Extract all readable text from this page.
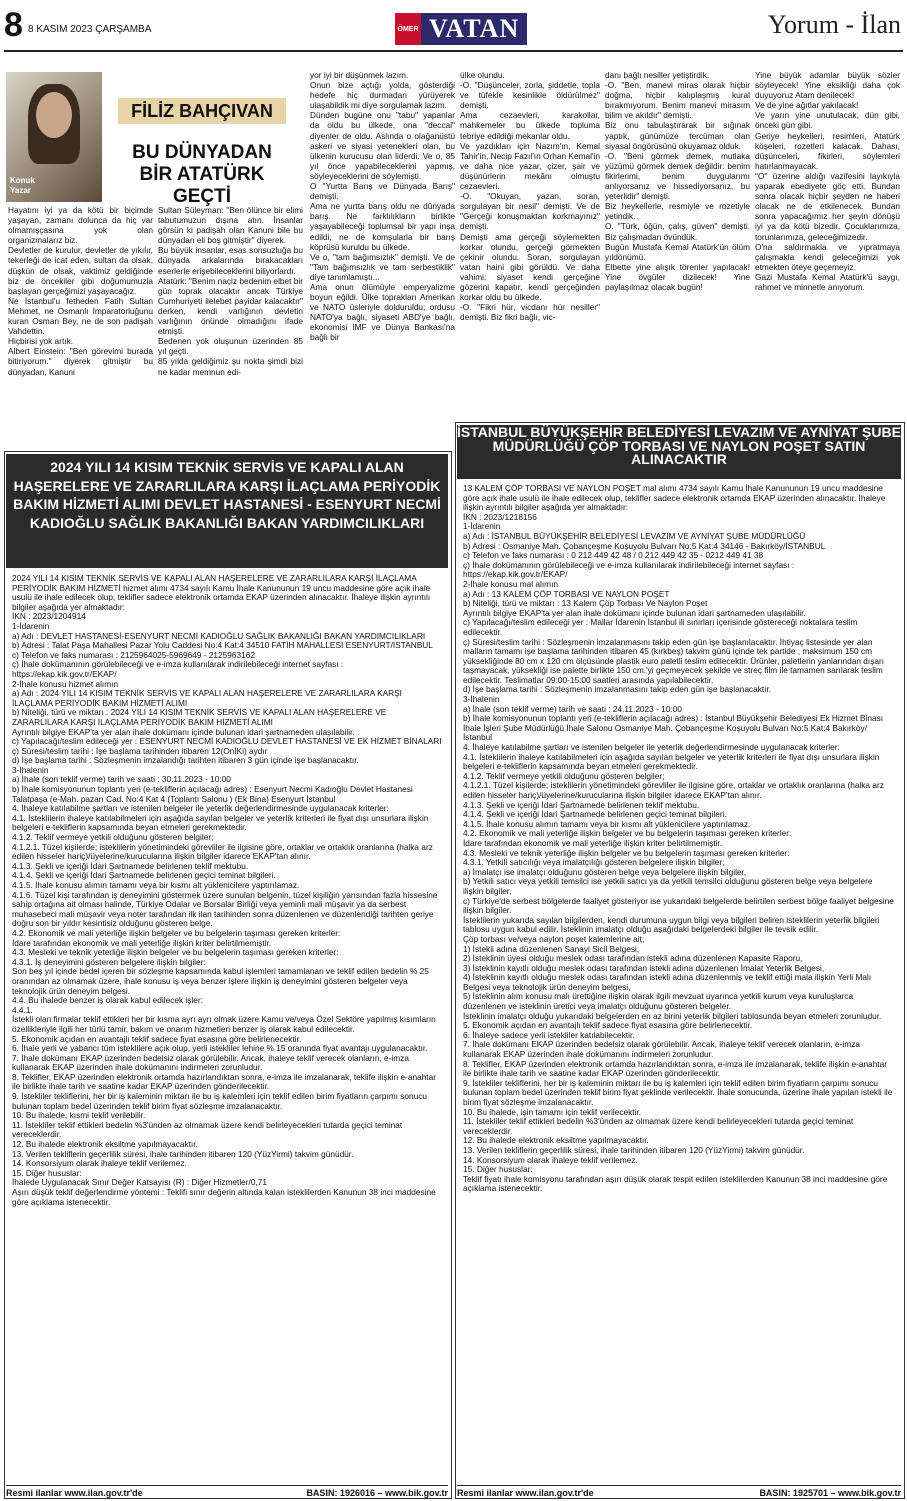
8 8 KASIM 2023 ÇARŞAMBA	ÖMER VATAN	Yorum - İlan
Konuk
Yazar
FİLİZ BAHÇIVAN
BU DÜNYADAN BİR ATATÜRK GEÇTİ
Hayatını iyi ya da kötü bir biçimde yaşayan, zamanı dolunca da hiç var olmamışçasına yok olan organizmalarız biz.
Devletler de kurulur, devletler de yıkılır, tekerleği de icat eden, sultan da olsak, düşkün de olsak, vaktimiz geldiğinde biz de öncekiler gibi doğumumuzla başlayan gerçeğimizi yaşayacağız.
Ne İstanbul'u fetheden Fatih Sultan Mehmet, ne Osmanlı İmparatorluğunu kuran Osman Bey, ne de son padişah Vahdettin.
Hiçbirisi yok artık.
Albert Einstein: "Ben görevimi burada bitiriyorum." diyerek gitmiştir bu dünyadan, Kanuni
Sultan Süleyman: "Ben ölünce bir elimi tabutumuzun dışına atın. İnsanlar görsün ki padişah olan Kanuni bile bu dünyadan eli boş gitmiştir" diyerek.
Bu büyük insanlar, esas sonsuzluğa bu dünyada arkalarında bırakacakları eserlerle erişebileceklerini biliyorlardı.
Atatürk: "Benim naçiz bedenim elbet bir gün toprak olacaktır ancak Türkiye Cumhuriyeti ilelebet payidar kalacaktır" derken, kendi varlığının devletin varlığının önünde olmadığını ifade etmişti.
Bedenen yok oluşunun üzerinden 85 yıl geçti.
85 yılda geldiğimiz şu nokta şimdi bizi ne kadar memnun edi-
yor iyi bir düşünmek lazım.
Onun bize açtığı yolda, gösterdiği hedefe hiç durmadan yürüyerek ulaşabildik mi diye sorgulamak lazım.
Dünden bugüne onu "tabu" yapanlar da oldu bu ülkede, ona "deccal" diyenler de oldu. Aslında o olağanüstü askeri ve siyasi yetenekleri olan, bu ülkenin kurucusu olan liderdi. Ve o, 85 yıl önce yapabileceklerini yapmış, söyleyeceklerini de söylemişti.
O "Yurtta Barış ve Dünyada Barış" demişti.
Ama ne yurtta barış oldu ne dünyada barış. Ne farklılıkların birlikte yaşayabileceği toplumsal bir yapı inşa edildi, ne de komşularla bir barış köprüsü kuruldu bu ülkede.
Ve o, "tam bağımsızlık" demişti. Ve de "Tam bağımsızlık ve tam serbestiklik" diye tanımlamıştı...
Ama onun ölümüyle emperyalizme boyun eğildi. Ülke toprakları Amerikan ve NATO üsleriyle dolduruldu; ordusu NATO'ya bağlı, siyaseti ABD'ye bağlı, ekonomisi IMF ve Dünya Bankası'na bağlı bir
ülke olundu.
-O. "Düşünceler, zorla, şiddetle, topla ve tüfekle kesinlikle öldürülmez" demişti.
Ama cezaevleri, karakollar, mahkemeler bu ülkede topluma tebriye edildiği mekanlar oldu.
Ve yazdıkları için Nazım'ın, Kemal Tahir'in, Necip Fazıl'ın Orhan Kemal'in ve daha nice yazar, çizer, şair ve düşünürlerin mekânı olmuştu cezaevleri.
-O. "Okuyan, yazan, soran, sorgulayan bir nesil" demişti. Ve de "Gerçeği konuşmaktan korkmayınız" demişti.
Demişti ama gerçeği söylemekten korkar olundu, gerçeği görmekten çekinir olundu. Soran, sorgulayan vatan haini gibi görüldü. Ve daha vahimi: siyaset kendi gerçeğine gözerini kapatır, kendi gerçeğinden korkar oldu bu ülkede.
-O. "Fikri hür, vicdanı hür nesiller" demişti. Biz fikri bağlı, vic-
danı bağlı nesiller yetiştirdik.
-O. "Ben, manevi miras olarak hiçbir doğma, hiçbir kalıplaşmış kural bırakmıyorum. Benim manevi mirasım bilim ve akıldır" demişti.
Biz onu tabulaştırarak bir sığınak yaptık, günümüze tercüman olan siyasal öngörüsünü okuyamaz olduk.
-O. "Beni görmek demek, mutlaka yüzümü görmek demek değildir: benim fikirlerimi, benim duygularımı anlıyorsanız ve hissediyorsanız, bu yeterlidir" demişti.
Biz heykellerle, resmiyle ve rozetiyle yetindik.
O. "Türk, öğün, çalış, güven" demişti. Biz çalışmadan övündük.
Bugün Mustafa Kemal Atatürk'ün ölüm yıldönümü.
Elbette yine alışık törenler yapılacak! Yine övgüler dizilecek! Yine paylaşılmaz olacak bugün!
Yine büyük adamlar büyük sözler söyleyecek! Yine eksikliği daha çok duyuyoruz Atam denilecek!
Ve de yine ağıtlar yakılacak!
Ve yarın yine unutulacak, dün gibi, önceki gün gibi.
Geriye heykelleri, resimleri, Atatürk köşeleri, rozetleri kalacak. Dahası, düşünceleri, fikirleri, söylemleri hatırlanmayacak.
"O" üzerine aldığı vazifesini layıkıyla yaparak ebediyete göç etti. Bundan sonra olacak hiçbir şeyden ne haberi olacak ne de etkilenecek. Bundan sonra yapacağımız her şeyin dönüşü iyi ya da kötü bizedir. Çocuklarımıza, torunlarımıza, geleceğimizedir.
O'na saldırmakla ve yıpratmaya çalışmakla kendi geleceğimizi yok etmekten öteye geçemeyiz.
Gazi Mustafa Kemal Atatürk'ü saygı, rahmet ve minnetle anıyorum.
2024 YILI 14 KISIM TEKNİK SERVİS VE KAPALI ALAN HAŞERELERE VE ZARARLILARA KARŞI İLAÇLAMA PERİYODİK BAKIM HİZMETİ ALIMI DEVLET HASTANESİ - ESENYURT NECMİ KADIOĞLU SAĞLIK BAKANLIĞI BAKAN YARDIMCILIKLARI
2024 YILI 14 KISIM TEKNİK SERVİS VE KAPALI ALAN HAŞERELERE VE ZARARLILARA KARŞI İLAÇLAMA PERİYODİK BAKIM HİZMETİ hizmet alımı 4734 sayılı Kamu İhale Kanununun 19 uncu maddesine göre açık ihale usulü ile ihale edilecek olup, teklifler sadece elektronik ortamda EKAP üzerinden alınacaktır. İhaleye ilişkin ayrıntılı bilgiler aşağıda yer almaktadır:
İKN : 2023/1204914
1-İdarenin
a) Adı : DEVLET HASTANESİ-ESENYURT NECMİ KADIOĞLU SAĞLIK BAKANLIĞI BAKAN YARDIMCILIKLARI
b) Adresi : Talat Paşa Mahallesi Pazar Yolu Caddesi No:4 Kat:4 34510 FATİH MAHALLESİ ESENYURT/İSTANBUL
c) Telefon ve faks numarası : 2125964025-5969649 - 2125963162
ç) İhale dokümanının görülebileceği ve e-imza kullanılarak indirilebileceği internet sayfası : https://ekap.kik.gov.tr/EKAP/
2-İhale konusu hizmet alımın
a) Adı : 2024 YILI 14 KISIM TEKNİK SERVİS VE KAPALI ALAN HAŞERELERE VE ZARARLILARA KARŞI İLAÇLAMA PERİYODİK BAKIM HİZMETİ ALIMI
b) Niteliği, türü ve miktarı : 2024 YILI 14 KISIM TEKNİK SERVİS VE KAPALI ALAN HAŞERELERE VE ZARARLILARA KARŞI İLAÇLAMA PERİYODİK BAKIM HİZMETİ ALIMI
Ayrıntılı bilgiye EKAP'ta yer alan ihale dokümanı içinde bulunan idari şartnameden ulaşılabilir.
c) Yapılacağı/teslim edileceği yer : ESENYURT NECMİ KADIOĞLU DEVLET HASTANESİ VE EK HİZMET BİNALARI
ç) Süresi/teslim tarihi : İşe başlama tarihinden itibaren 12(OnİKi) aydır
d) İşe başlama tarihi : Sözleşmenin imzalandığı tarihten itibaren 3 gün içinde işe başlanacaktır.
3-İhalenin
a) İhale (son teklif verme) tarih ve saati : 30.11.2023 - 10:00
b) İhale komisyonunun toplantı yeri (e-tekliflerin açılacağı adres) : Esenyurt Necmi Kadıoğlu Devlet Hastanesi Talatpaşa (e-Mah. pazarı Cad. No:4 Kat 4 (Toplantı Salonu ) (Ek Bina) Esenyurt İstanbul
4. İhaleye katılabilme şartları ve istenilen belgeler ile yeterlik değerlendirmesinde uygulanacak kriterler:
4.1. İsteklilerin ihaleye katılabilmeleri için aşağıda sayılan belgeler ve yeterlik kriterleri ile fiyat dışı unsurlara ilişkin belgeleri e-tekliflerin kapsamında beyan etmeleri gerekmektedir.
4.1.2. Teklif vermeye yetkili olduğunu gösteren belgiler;
4.1.2.1. Tüzel kişilerde; isteklilerin yönetimindeki görevliler ile ilgisine göre, ortaklar ve ortaklık oranlarına (halka arz edilen hisseler hariç)/üyelerine/kurucularına ilişkin bilgiler idarece EKAP'tan alınır.
4.1.3. Şekli ve içeriği İdari Şartnamede belirlenen teklif mektubu.
4.1.4. Şekli ve içeriği İdari Şartnamede belirlenen geçici teminat bilgileri.
4.1.5. İhale konusu alımın tamamı veya bir kısmı alt yüklenicilere yaptırılamaz.
4.1.6. Tüzel kişi tarafından iş deneyimini göstermek üzere sunulan belgenin, tüzel kişiliğin yarısından fazla hissesine sahip ortağına ait olması halinde, Türkiye Odalar ve Borsalar Birliği veya yeminli mali müşavir ya da serbest muhasebeci mali müşavir veya noter tarafından ilk ilan tarihinden sonra düzenlenen ve düzenlendiği tarihten geriye doğru son bir yıldır kesintisiz olduğunu gösteren belge.
4.2. Ekonomik ve mali yeterliğe ilişkin belgeler ve bu belgelerin taşıması gereken kriterler:
İdare tarafından ekonomik ve mali yeterliğe ilişkin kriter belirtilmemiştir.
4.3. Mesleki ve teknik yeterliğe ilişkin belgeler ve bu belgelerin taşıması gereken kriterler:
4.3.1. İş deneyimini gösteren belgelere ilişkin bilgiler:
Son beş yıl içinde bedel içeren bir sözleşme kapsamında kabul işlemleri tamamlanan ve teklif edilen bedelin % 25 oranından az olmamak üzere, ihale konusu iş veya benzer işlere ilişkin iş deneyimini gösteren belgeler veya teknolojik ürün deneyim belgesi.
4.4. Bu ihalede benzer iş olarak kabul edilecek işler:
4.4.1.
İstekli olan firmalar teklif ettikleri her bir kısma ayrı ayrı olmak üzere Kamu ve/veya Özel Sektöre yapılmış kısımların özellikleriyle ilgili her türlü tamir, bakım ve onarım hizmetleri benzer iş olarak kabul edilecektir.
5. Ekonomik açıdan en avantajlı teklif sadece fiyat esasına göre belirlenecektir.
6. İhale yerli ve yabancı tüm isteklilere açık olup, yerli istekliler lehine % 15 oranında fiyat avantajı uygulanacaktır.
7. İhale dokümanı EKAP üzerinden bedelsiz olarak görülebilir. Ancak, ihaleye teklif verecek olanların, e-imza kullanarak EKAP üzerinden ihale dokümanını indirmeleri zorunludur.
8. Teklifler, EKAP üzerinden elektronik ortamda hazırlandıktan sonra, e-imza ile imzalanarak, teklife ilişkin e-anahtar ile birlikte ihale tarih ve saatine kadar EKAP üzerinden gönderilecektir.
9. İstekliler tekliflerini, her bir iş kaleminin miktarı ile bu iş kalemleri için teklif edilen birim fiyatların çarpımı sonucu bulunan toplam bedel üzerinden teklif birim fiyat sözleşme imzalanacaktır.
10. Bu ihalede, kısmi teklif verilebilir.
11. İstekliler teklif ettikleri bedelin %3'ünden az olmamak üzere kendi belirleyecekleri tutarda geçici teminat vereceklerdir.
12. Bu ihalede elektronik eksiltme yapılmayacaktır.
13. Verilen tekliflerin geçerlilik süresi, ihale tarihinden itibaren 120 (YüzYirmi) takvim günüdür.
14. Konsorsiyum olarak ihaleye teklif verilemez.
15. Diğer hususlar:
İhalede Uygulanacak Sınır Değer Katsayısı (R) : Diğer Hizmetler/0,71
Aşırı düşük teklif değerlendirme yöntemi : Teklifi sınır değerin altında kalan isteklilerden Kanunun 38 inci maddesine göre açıklama istenecektir.
Resmi ilanlar www.ilan.gov.tr'de	BASIN: 1926016 – www.bik.gov.tr
İSTANBUL BÜYÜKŞEHİR BELEDİYESİ LEVAZIM VE AYNİYAT ŞUBE MÜDÜRLÜĞÜ ÇÖP TORBASI VE NAYLON POŞET SATIN ALINACAKTIR
13 KALEM ÇÖP TORBASI VE NAYLON POŞET mal alımı 4734 sayılı Kamu İhale Kanununun 19 uncu maddesine göre açık ihale usulü ile ihale edilecek olup, teklifler sadece elektronik ortamda EKAP üzerinden alınacaktır. İhaleye ilişkin ayrıntılı bilgiler aşağıda yer almaktadır:
İKN : 2023/1218156
1-İdarenin
a) Adı : İSTANBUL BÜYÜKŞEHİR BELEDİYESİ LEVAZIM VE AYNİYAT ŞUBE MÜDÜRLÜĞÜ
b) Adresi : Osmaniye Mah. Çobançeşme Koşuyolu Bulvarı No:5 Kat:4 34146 - Bakırköy/İSTANBUL
c) Telefon ve faks numarası : 0 212 449 42 48 / 0 212 449 42 35 - 0212 449 41 38
ç) İhale dokümanının görülebileceği ve e-imza kullanılarak indirilebileceği internet sayfası : https://ekap.kik.gov.tr/EKAP/
2-İhale konusu mal alımın
a) Adı : 13 KALEM ÇÖP TORBASI VE NAYLON POŞET
b) Niteliği, türü ve miktarı : 13 Kalem Çöp Torbası Ve Naylon Poşet
Ayrıntılı bilgiye EKAP'ta yer alan ihale dokümanı içinde bulunan idari şartnameden ulaşılabilir.
c) Yapılacağı/teslim edileceği yer : Mallar İdarenin İstanbul ili sınırları içerisinde göstereceği noktalara teslim edilecektir.
ç) Süresi/teslim tarihi : Sözleşmenin imzalanmasını takip eden gün işe başlanılacaktır. İhtiyaç listesinde yer alan malların tamamı işe başlama tarihinden itibaren 45 (kırkbeş) takvim günü içinde tek partide , maksimum 150 cm yüksekliğinde 80 cm x 120 cm ölçüsünde plastik euro paletli teslim edilecektir. Ürünler, paletlerin yanlarından dışarı taşmayacak, yüksekliği ise palette birlikte 150 cm.'yi geçmeyecek şekilde ve streç film ile tamamen sarılarak teslim edilecektir. Teslimatlar 09:00-15:00 saatleri arasında yapılabilecektir.
d) İşe başlama tarihi : Sözleşmenin imzalanmasını takip eden gün işe başlanacaktır.
3-İhalenin
a) İhale (son teklif verme) tarih ve saati : 24.11.2023 - 10:00
b) İhale komisyonunun toplantı yeri (e-tekliflerin açılacağı adres) : İstanbul Büyükşehir Belediyesi Ek Hizmet Binası İhale İşleri Şube Müdürlüğü İhale Salonu Osmaniye Mah. Çobançeşme Koşuyolu Bulvarı No:5 Kat:4 Bakırköy/İstanbul
4. İhaleye katılabilme şartları ve istenilen belgeler ile yeterlik değerlendirmesinde uygulanacak kriterler:
4.1. İsteklilerin ihaleye katılabilmeleri için aşağıda sayılan belgeler ve yeterlik kriterleri ile fiyat dışı unsurlara ilişkin belgeleri e-tekliflerin kapsamında beyan etmeleri gerekmektedir.
4.1.2. Teklif vermeye yetkili olduğunu gösteren belgiler;
4.1.2.1. Tüzel kişilerde; isteklilerin yönetimindeki görevliler ile ilgisine göre, ortaklar ve ortaklık oranlarına (halka arz edilen hisseler hariç)/üyelerine/kurucularına ilişkin bilgiler idarece EKAP'tan alınır.
4.1.3. Şekli ve içeriği İdari Şartnamede belirlenen teklif mektubu.
4.1.4. Şekli ve içeriği İdari Şartnamede belirlenen geçici teminat bilgileri.
4.1.5. İhale konusu alımın tamamı veya bir kısmı alt yüklenicilere yaptırılamaz.
4.2. Ekonomik ve mali yeterliğe ilişkin belgeler ve bu belgelerin taşıması gereken kriterler:
İdare tarafından ekonomik ve mali yeterliğe ilişkin kriter belirtilmemiştir.
4.3. Mesleki ve teknik yeterliğe ilişkin belgeler ve bu belgelerin taşıması gereken kriterler:
4.3.1. Yetkili satıcılığı veya imalatçılığı gösteren belgelere ilişkin bilgiler;
a) İmalatçı ise imalatçı olduğunu gösteren belge veya belgelere ilişkin bilgiler,
b) Yetkili satıcı veya yetkili temsilci ise yetkili satıcı ya da yetkili temsilci olduğunu gösteren belge veya belgelere ilişkin bilgiler,
c) Türkiye'de serbest bölgelerde faaliyet gösteriyor ise yukarıdaki belgelerde belirtilen serbest bölge faaliyet belgesine ilişkin bilgiler.
İsteklilerin yukarıda sayılan bilgilerden, kendi durumuna uygun bilgi veya bilgileri beliren isteklilerin yeterlik bilgileri tablosu uygun kabul edilir. İsteklinin imalatçı olduğu aşağıdaki belgelerdeki bilgiler ile tevsik edilir.
Çöp torbası ve/veya naylon poşet kalemlerine ait;
1) İstekli adına düzenlenen Sanayi Sicil Belgesi,
2) İsteklinin üyesi olduğu meslek odası tarafından istekli adına düzenlenen Kapasite Raporu,
3) İsteklinin kayıtlı olduğu meslek odası tarafından istekli adına düzenlenen İmalat Yeterlik Belgesi,
4) İsteklinin kayıtlı olduğu meslek odası tarafından istekli adına düzenlenmiş ve teklif ettiği mala ilişkin Yerli Malı Belgesi veya teknolojik ürün deneyim belgesi,
5) İsteklinin alım konusu malı ürettiğine ilişkin olarak ilgili mevzuat uyarınca yetkili kurum veya kuruluşlarca düzenlenen ve isteklinin üretici veya imalatçı olduğunu gösteren belgeler.
İsteklinin imalatçı olduğu yukarıdaki belgelerden en az birini yeterlik bilgileri tablosunda beyan etmeleri zorunludur.
5. Ekonomik açıdan en avantajlı teklif sadece fiyat esasına göre belirlenecektir.
6. İhaleye sadece yerli istekliler katılabilecektir.
7. İhale dokümanı EKAP üzerinden bedelsiz olarak görülebilir. Ancak, ihaleye teklif verecek olanların, e-imza kullanarak EKAP üzerinden ihale dokümanını indirmeleri zorunludur.
8. Teklifler, EKAP üzerinden elektronik ortamda hazırlandıktan sonra, e-imza ile imzalanarak, teklife ilişkin e-anahtar ile birlikte ihale tarih ve saatine kadar EKAP üzerinden gönderilecektir.
9. İstekliler tekliflerini, her bir iş kaleminin miktarı ile bu iş kalemleri için teklif edilen birim fiyatların çarpımı sonucu bulunan toplam bedel üzerinden teklif birim fiyat şeklinde verilecektir. İhale sonucunda, üzerine ihale yapılan istekli ile birim fiyat sözleşme imzalanacaktır.
10. Bu ihalede, işin tamamı için teklif verilecektir.
11. İstekliler teklif ettikleri bedelin %3'ünden az olmamak üzere kendi belirleyecekleri tutarda geçici teminat vereceklerdir.
12. Bu ihalede elektronik eksiltme yapılmayacaktır.
13. Verilen tekliflerin geçerlilik süresi, ihale tarihinden itibaren 120 (YüzYirmi) takvim günüdür.
14. Konsorsiyum olarak ihaleye teklif verilemez.
15. Diğer hususlar:
Teklif fiyatı ihale komisyonu tarafından aşırı düşük olarak tespit edilen isteklilerden Kanunun 38 inci maddesine göre açıklama istenecektir.
Resmi ilanlar www.ilan.gov.tr'de	BASIN: 1925701 – www.bik.gov.tr
